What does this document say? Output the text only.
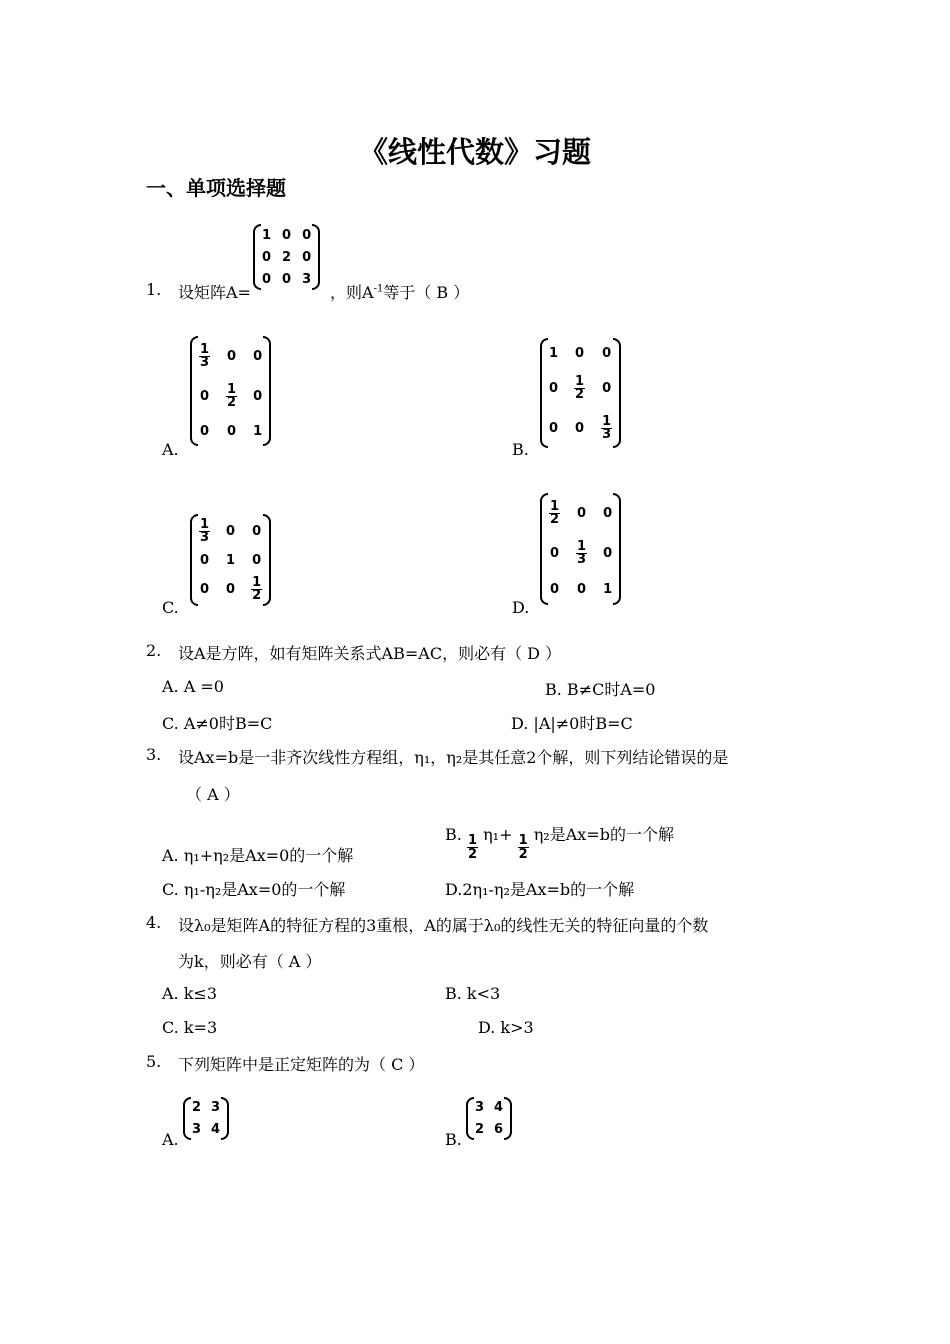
《线性代数》习题
一、单项选择题
1. 设矩阵A=
1 0 0
0 2 0
0 0 3
，则$A^{-1}$等于（ B ）
A.
$\frac{1}{3} 0$ 0
$0 \frac{1}{2} 0$
0 0 1
B.
1 0 0
$0 \frac{1}{2} 0$
0 $0 \frac{1}{3}$
C.
$\frac{1}{3} 0$ 0
0 1 0
0 $0 \frac{1}{2}$
D.
$\frac{1}{2} 0$ 0
$0 \frac{1}{3} 0$
0 0 1
2. 设A是方阵，如有矩阵关系式AB=AC，则必有（ D ）
A. A =0	B. B≠C时A=0
C. A≠0时B=C	D. |A|≠0时B=C
3. 设Ax=b是一非齐次线性方程组，η₁，η₂是其任意2个解，则下列结论错误的是
（ A ）
A. η₁+η₂是Ax=0的一个解
B. $\frac{1}{2} \eta_1+ \frac{1}{2} \eta_2$是Ax=b的一个解
C. η₁-η₂是Ax=0的一个解	D.2η₁-η₂是Ax=b的一个解
4. 设λ₀是矩阵A的特征方程的3重根，A的属于λ₀的线性无关的特征向量的个数
为k，则必有（ A ）
A. k≤3	B. k<3
C. k=3	D. k>3
5. 下列矩阵中是正定矩阵的为（ C ）
A.
2 3
3 4
B.
3 4
2 6
